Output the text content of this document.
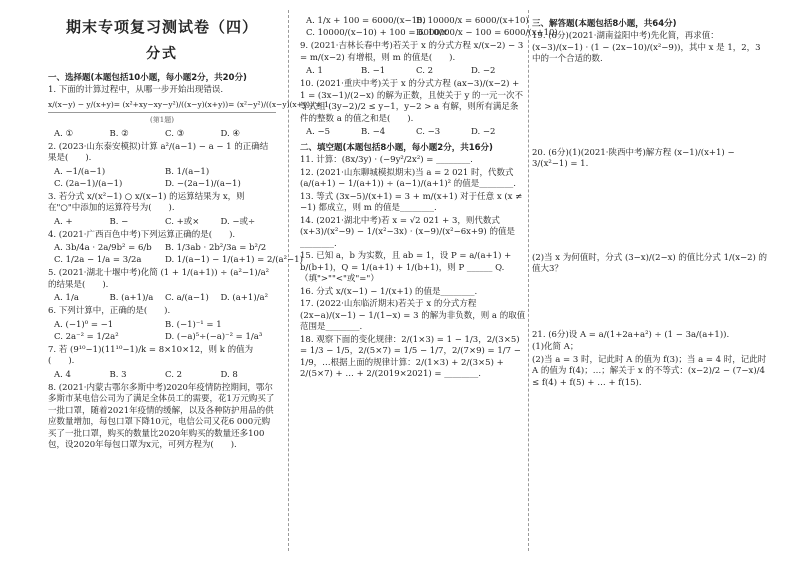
期末专项复习测试卷（四）
分式
一、选择题(本题包括10小题，每小题2分，共20分)
1. 下面的计算过程中，从哪一步开始出现错误.
x/(x−y) − y/(x+y) = (x²+xy−xy−y²)/((x−y)(x+y)) = (x²−y²)/((x−y)(x+y)) = 1
(第1题)
A. ①	B. ②	C. ③	D. ④
2. (2023·山东泰安模拟)计算 a²/(a−1) − a − 1 的正确结果是(　　).
A. −1/(a−1)	B. 1/(a−1)
C. (2a−1)/(a−1)	D. −(2a−1)/(a−1)
3. 若分式 x/(x²−1) ○ x/(x−1) 的运算结果为 x，则在"○"中添加的运算符号为(　　).
A. +	B. −	C. +或×	D. −或÷
4. (2021·广西百色中考)下列运算正确的是(　　).
A. 3b/4a · 2a/9b² = 6/b	B. 1/3ab · 2b²/3a = b²/2
C. 1/2a − 1/a = 3/2a	D. 1/(a−1) − 1/(a+1) = 2/(a²−1)
5. (2021·湖北十堰中考)化简 (1 + 1/(a+1)) ÷ (a²−1)/a² 的结果是(　　).
A. 1/a	B. (a+1)/a	C. a/(a−1)	D. (a+1)/a²
6. 下列计算中，正确的是(　　).
A. (−1)⁰ = −1	B. (−1)⁻¹ = 1
C. 2a⁻² = 1/2a²	D. (−a)⁵÷(−a)⁻² = 1/a³
7. 若 (9¹⁰−1)(11¹⁰−1)/k = 8×10×12，则 k 的值为(　　).
A. 4	B. 3	C. 2	D. 8
8. (2021·内蒙古鄂尔多斯中考)2020年疫情防控期间，鄂尔多斯市某电信公司为了满足全体员工的需要，花1万元购买了一批口罩，随着2021年疫情的缓解，以及各种防护用品的供应数量增加，每包口罩下降10元，电信公司又花6 000元购买了一批口罩，购买的数量比2020年购买的数量还多100包，设2020年每包口罩为x元，可列方程为(　　).
A. 1/x + 100 = 6000/(x−10)
B. 10000/x = 6000/(x+10)
C. 10000/(x−10) + 100 = 6000/x
D. 10000/x − 100 = 6000/(x+10)
9. (2021·吉林长春中考)若关于 x 的分式方程 x/(x−2) − 3 = m/(x−2) 有增根，则 m 的值是(　　).
A. 1	B. −1	C. 2	D. −2
10. (2021·重庆中考)关于 x 的分式方程 (ax−3)/(x−2) + 1 = (3x−1)/(2−x) 的解为正数，且使关于 y 的一元一次不等式组 (3y−2)/2 ≤ y−1，y−2 > a 有解，则所有满足条件的整数 a 的值之和是(　　).
A. −5	B. −4	C. −3	D. −2
二、填空题(本题包括8小题，每小题2分，共16分)
11. 计算：(8x/3y) · (−9y²/2x²) = ________.
12. (2021·山东聊城模拟期末)当 a = 2 021 时，代数式 (a/(a+1) − 1/(a+1)) ÷ (a−1)/(a+1)² 的值是________.
13. 等式 (3x−5)/(x+1) = 3 + m/(x+1) 对于任意 x (x ≠ −1) 都成立，则 m 的值是________.
14. (2021·湖北中考)若 x = √2 021 + 3，则代数式 (x+3)/(x²−9) − 1/(x²−3x) · (x−9)/(x²−6x+9) 的值是________.
15. 已知 a，b 为实数，且 ab = 1，设 P = a/(a+1) + b/(b+1)，Q = 1/(a+1) + 1/(b+1)，则 P ______ Q.（填">""<"或"="）
16. 分式 x/(x−1) − 1/(x+1) 的值是________.
17. (2022·山东临沂期末)若关于 x 的分式方程 (2x−a)/(x−1) − 1/(1−x) = 3 的解为非负数，则 a 的取值范围是________.
18. 观察下面的变化规律：2/(1×3) = 1 − 1/3，2/(3×5) = 1/3 − 1/5，2/(5×7) = 1/5 − 1/7，2/(7×9) = 1/7 − 1/9，…根据上面的规律计算：2/(1×3) + 2/(3×5) + 2/(5×7) + … + 2/(2019×2021) = ________.
三、解答题(本题包括8小题，共64分)
19. (6分)(2021·湖南益阳中考)先化简，再求值：(x−3)/(x−1) · (1 − (2x−10)/(x²−9))，其中 x 是 1，2，3 中的一个合适的数.
20. (6分)(1)(2021·陕西中考)解方程 (x−1)/(x+1) − 3/(x²−1) = 1.
(2)当 x 为何值时，分式 (3−x)/(2−x) 的值比分式 1/(x−2) 的值大3？
21. (6分)设 A = a/(1+2a+a²) ÷ (1 − 3a/(a+1)).
(1)化简 A；
(2)当 a = 3 时，记此时 A 的值为 f(3)；当 a = 4 时，记此时 A 的值为 f(4)；…；解关于 x 的不等式：(x−2)/2 − (7−x)/4 ≤ f(4) + f(5) + … + f(15).
